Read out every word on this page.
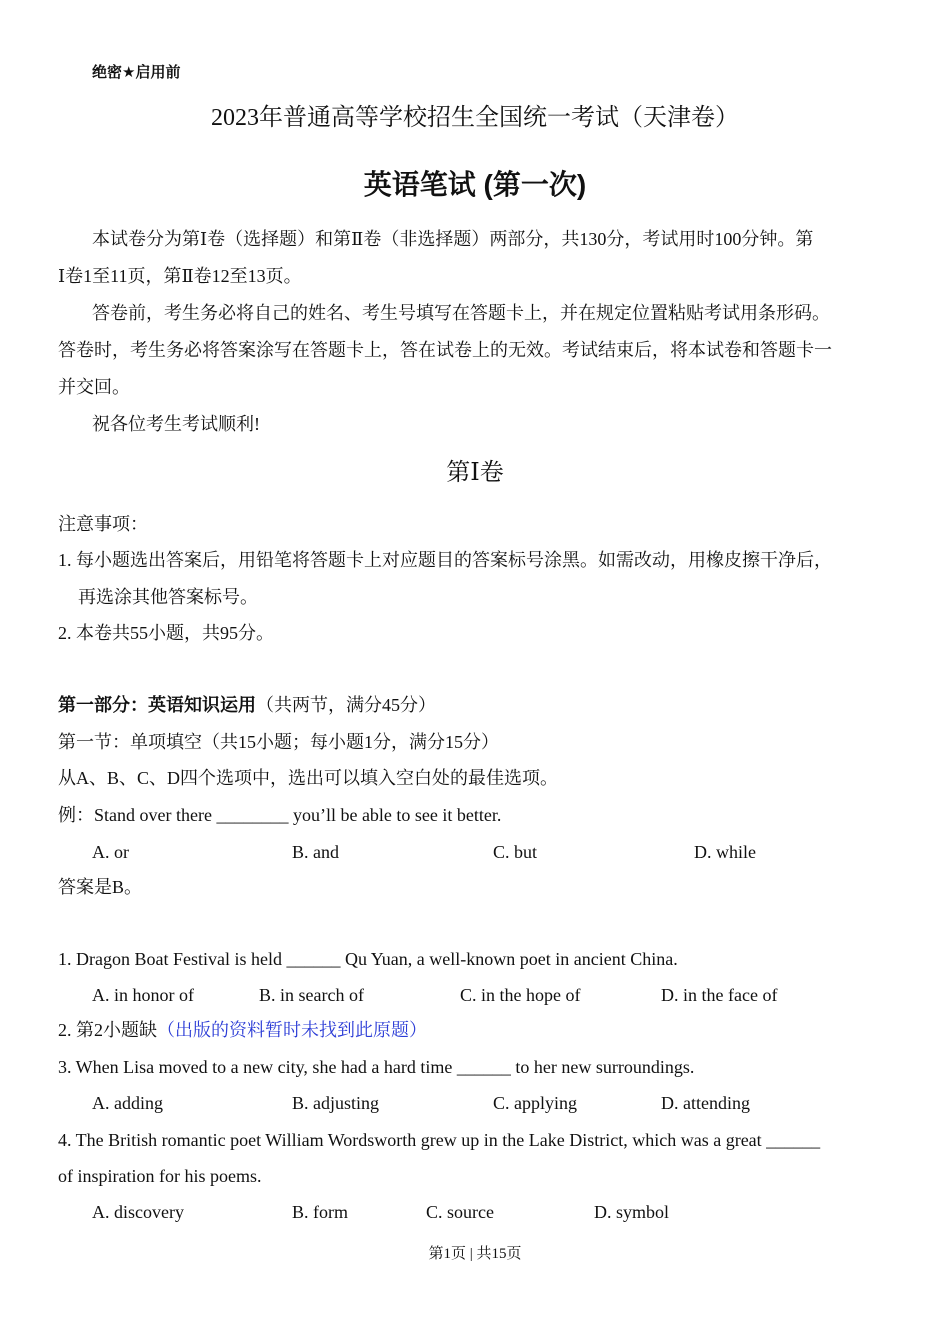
绝密★启用前
2023年普通高等学校招生全国统一考试（天津卷）
英语笔试 (第一次)
本试卷分为第Ⅰ卷（选择题）和第Ⅱ卷（非选择题）两部分，共130分，考试用时100分钟。第
Ⅰ卷1至11页，第Ⅱ卷12至13页。
答卷前，考生务必将自己的姓名、考生号填写在答题卡上，并在规定位置粘贴考试用条形码。
答卷时，考生务必将答案涂写在答题卡上，答在试卷上的无效。考试结束后，将本试卷和答题卡一
并交回。
祝各位考生考试顺利!
第Ⅰ卷
注意事项：
1. 每小题选出答案后，用铅笔将答题卡上对应题目的答案标号涂黑。如需改动，用橡皮擦干净后，
再选涂其他答案标号。
2. 本卷共55小题，共95分。
第一部分：英语知识运用（共两节，满分45分）
第一节：单项填空（共15小题；每小题1分，满分15分）
从A、B、C、D四个选项中，选出可以填入空白处的最佳选项。
例：Stand over there ________ you’ll be able to see it better.
A. or	B. and	C. but	D. while
答案是B。
1. Dragon Boat Festival is held ______ Qu Yuan, a well-known poet in ancient China.
A. in honor of	B. in search of	C. in the hope of	D. in the face of
2. 第2小题缺（出版的资料暂时未找到此原题）
3. When Lisa moved to a new city, she had a hard time ______ to her new surroundings.
A. adding	B. adjusting	C. applying	D. attending
4. The British romantic poet William Wordsworth grew up in the Lake District, which was a great ______
of inspiration for his poems.
A. discovery	B. form	C. source	D. symbol
第1页 | 共15页
